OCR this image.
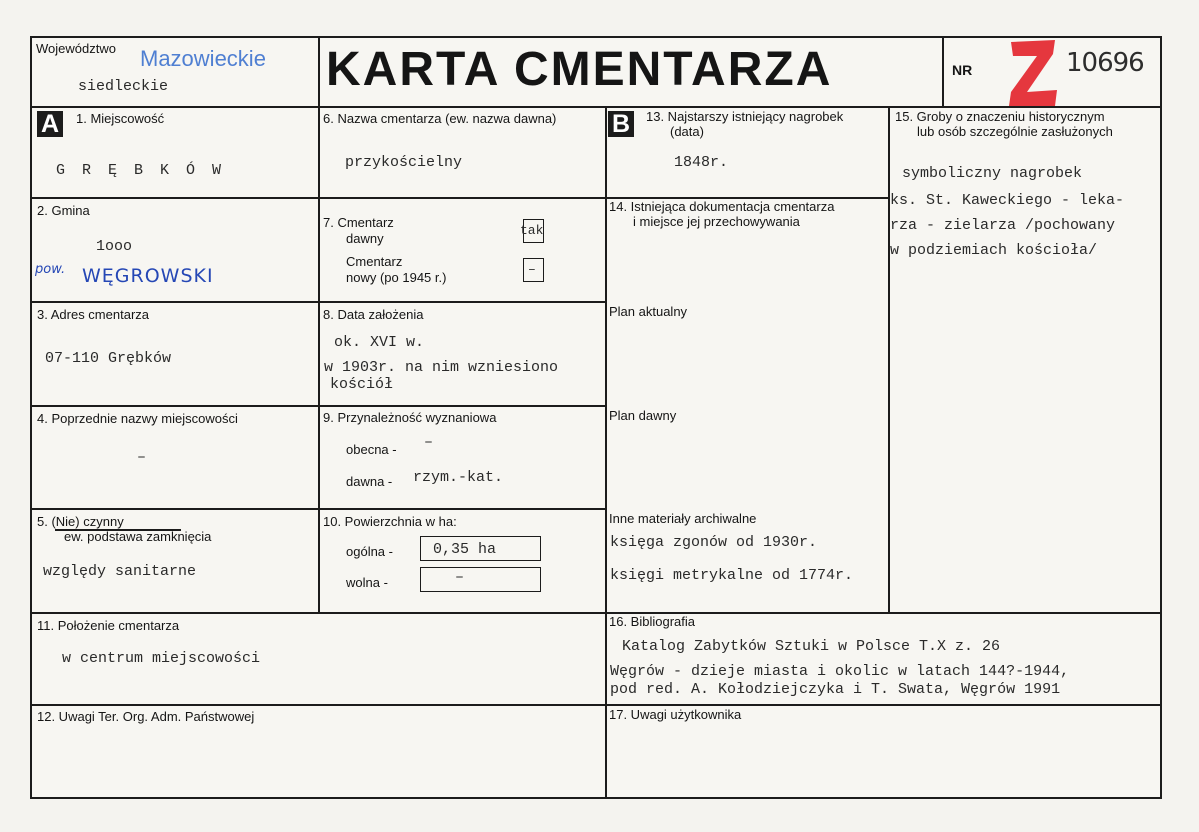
Województwo Mazowieckie
siedleckie	KARTA CMENTARZA	NR	10696
A	1. Miejscowość
G R Ę B K Ó W
2. Gmina
1ooo
pow. WĘGROWSKI
3. Adres cmentarza
07-110 Grębków
4. Poprzednie nazwy miejscowości
–
5. (Nie) czynny
ew. podstawa zamknięcia
względy sanitarne
6. Nazwa cmentarza (ew. nazwa dawna)
przykościelny
7. Cmentarz
dawny
tak
Cmentarz
nowy (po 1945 r.)
–
8. Data założenia
ok. XVI w.
w 1903r. na nim wzniesiono
kościół
9. Przynależność wyznaniowa
obecna - –
dawna - rzym.-kat.
10. Powierzchnia w ha:
ogólna -	0,35 ha
wolna -	–
B	13. Najstarszy istniejący nagrobek
(data)
1848r.
14. Istniejąca dokumentacja cmentarza
i miejsce jej przechowywania
Plan aktualny
Plan dawny
Inne materiały archiwalne
księga zgonów od 1930r.
księgi metrykalne od 1774r.
15. Groby o znaczeniu historycznym
lub osób szczególnie zasłużonych
symboliczny nagrobek
ks. St. Kaweckiego - leka-
rza - zielarza /pochowany
w podziemiach kościoła/
11. Położenie cmentarza
w centrum miejscowości
16. Bibliografia
Katalog Zabytków Sztuki w Polsce T.X z. 26
Węgrów - dzieje miasta i okolic w latach 144?-1944,
pod red. A. Kołodziejczyka i T. Swata, Węgrów 1991
12. Uwagi Ter. Org. Adm. Państwowej	17. Uwagi użytkownika
